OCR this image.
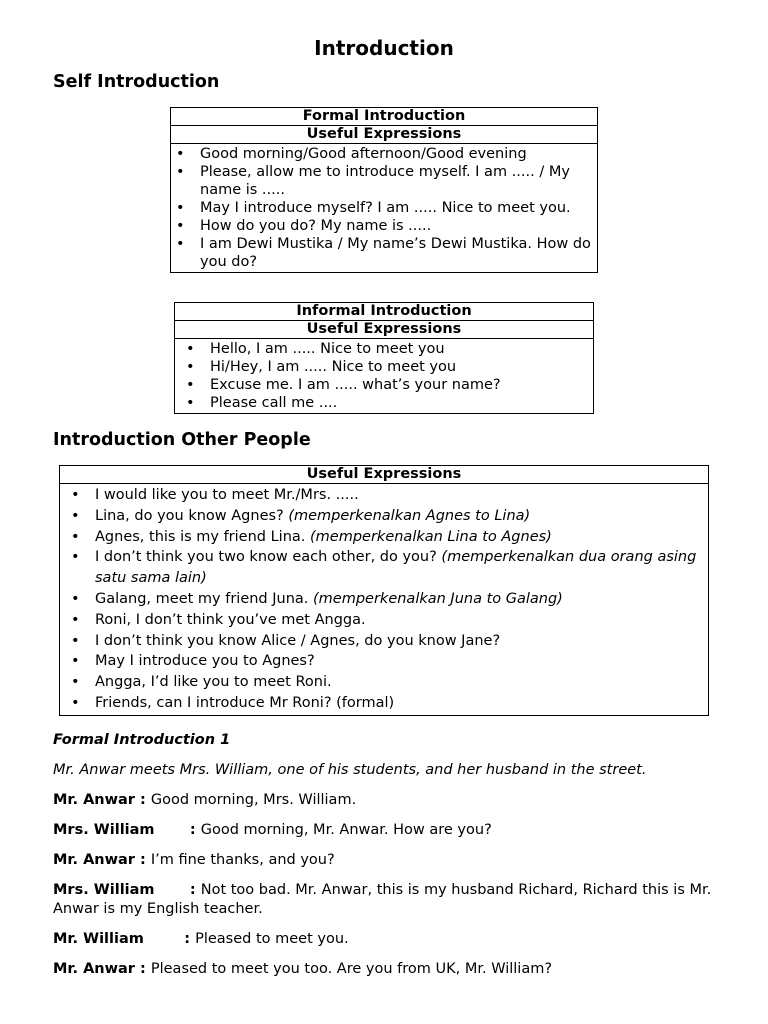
Introduction
Self Introduction
Formal Introduction
Useful Expressions

• Good morning/Good afternoon/Good evening
• Please, allow me to introduce myself. I am ..... / My name is .....
• May I introduce myself? I am ..... Nice to meet you.
• How do you do? My name is .....
• I am Dewi Mustika / My name’s Dewi Mustika. How do you do?
Informal Introduction
Useful Expressions

• Hello, I am ..... Nice to meet you
• Hi/Hey, I am ..... Nice to meet you
• Excuse me. I am ..... what’s your name?
• Please call me ....
Introduction Other People
Useful Expressions

• I would like you to meet Mr./Mrs. .....
• Lina, do you know Agnes? (memperkenalkan Agnes to Lina)
• Agnes, this is my friend Lina. (memperkenalkan Lina to Agnes)
• I don’t think you two know each other, do you? (memperkenalkan dua orang asing satu sama lain)
• Galang, meet my friend Juna. (memperkenalkan Juna to Galang)
• Roni, I don’t think you’ve met Angga.
• I don’t think you know Alice / Agnes, do you know Jane?
• May I introduce you to Agnes?
• Angga, I’d like you to meet Roni.
• Friends, can I introduce Mr Roni? (formal)
Formal Introduction 1
Mr. Anwar meets Mrs. William, one of his students, and her husband in the street.
Mr. Anwar : Good morning, Mrs. William.
Mrs. William       : Good morning, Mr. Anwar. How are you?
Mr. Anwar : I’m fine thanks, and you?
Mrs. William       : Not too bad. Mr. Anwar, this is my husband Richard, Richard this is Mr. Anwar is my English teacher.
Mr. William        : Pleased to meet you.
Mr. Anwar : Pleased to meet you too. Are you from UK, Mr. William?
